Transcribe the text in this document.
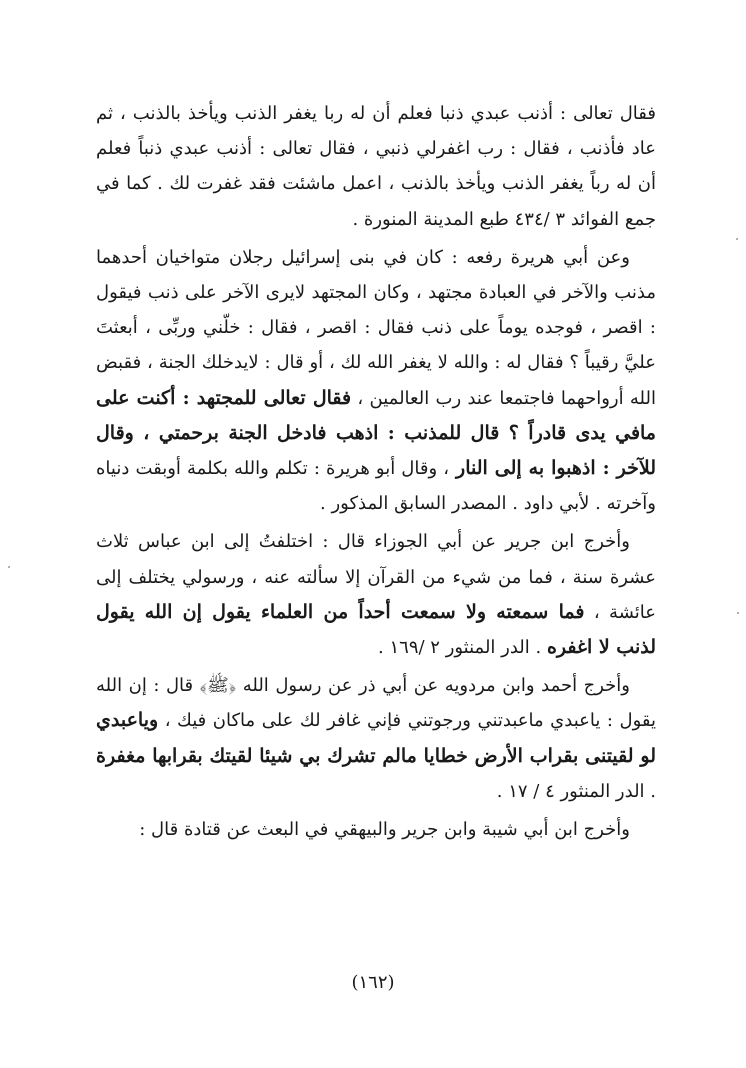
فقال تعالى : أذنب عبدي ذنبا فعلم أن له ربا يغفر الذنب ويأخذ بالذنب ، ثم عاد فأذنب ، فقال : رب اغفرلي ذنبي ، فقال تعالى : أذنب عبدي ذنباً فعلم أن له رباً يغفر الذنب ويأخذ بالذنب ، اعمل ماشئت فقد غفرت لك . كما في جمع الفوائد ٣ /٤٣٤ طبع المدينة المنورة .

وعن أبي هريرة رفعه : كان في بنى إسرائيل رجلان متواخيان أحدهما مذنب والآخر في العبادة مجتهد ، وكان المجتهد لايرى الآخر على ذنب فيقول : اقصر ، فوجده يوماً على ذنب فقال : اقصر ، فقال : خلّني وربِّى ، أبعثتَ عليَّ رقيباً ؟ فقال له : والله لا يغفر الله لك ، أو قال : لايدخلك الجنة ، فقبض الله أرواحهما فاجتمعا عند رب العالمين ، فقال تعالى للمجتهد : أكنت على مافي يدى قادراً ؟ قال للمذنب : اذهب فادخل الجنة برحمتي ، وقال للآخر : اذهبوا به إلى النار ، وقال أبو هريرة : تكلم والله بكلمة أوبقت دنياه وآخرته . لأبي داود . المصدر السابق المذكور .

وأخرج ابن جرير عن أبي الجوزاء قال : اختلفتُ إلى ابن عباس ثلاث عشرة سنة ، فما من شيء من القرآن إلا سألته عنه ، ورسولي يختلف إلى عائشة ، فما سمعته ولا سمعت أحداً من العلماء يقول إن الله يقول لذنب لا اغفره . الدر المنثور ٢ /١٦٩ .

وأخرج أحمد وابن مردويه عن أبي ذر عن رسول الله ﴿ﷺ﴾ قال : إن الله يقول : ياعبدي ماعبدتني ورجوتني فإني غافر لك على ماكان فيك ، وياعبدي لو لقيتنى بقراب الأرض خطايا مالم تشرك بي شيئا لقيتك بقرابها مغفرة . الدر المنثور ٤ / ١٧ .

وأخرج ابن أبي شيبة وابن جرير والبيهقي في البعث عن قتادة قال :

(١٦٢)
